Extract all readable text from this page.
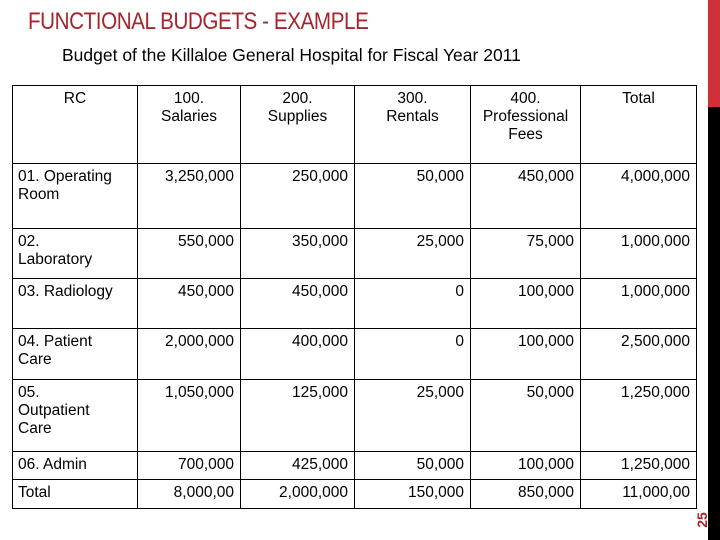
FUNCTIONAL BUDGETS - EXAMPLE
Budget of the Killaloe General Hospital for Fiscal Year 2011
25
RC	100. Salaries	200. Supplies	300. Rentals	400. Professional Fees	Total
01. Operating Room	3,250,000	250,000	50,000	450,000	4,000,000
02. Laboratory	550,000	350,000	25,000	75,000	1,000,000
03. Radiology	450,000	450,000	0	100,000	1,000,000
04. Patient Care	2,000,000	400,000	0	100,000	2,500,000
05. Outpatient Care	1,050,000	125,000	25,000	50,000	1,250,000
06. Admin	700,000	425,000	50,000	100,000	1,250,000
Total	8,000,00	2,000,000	150,000	850,000	11,000,00
